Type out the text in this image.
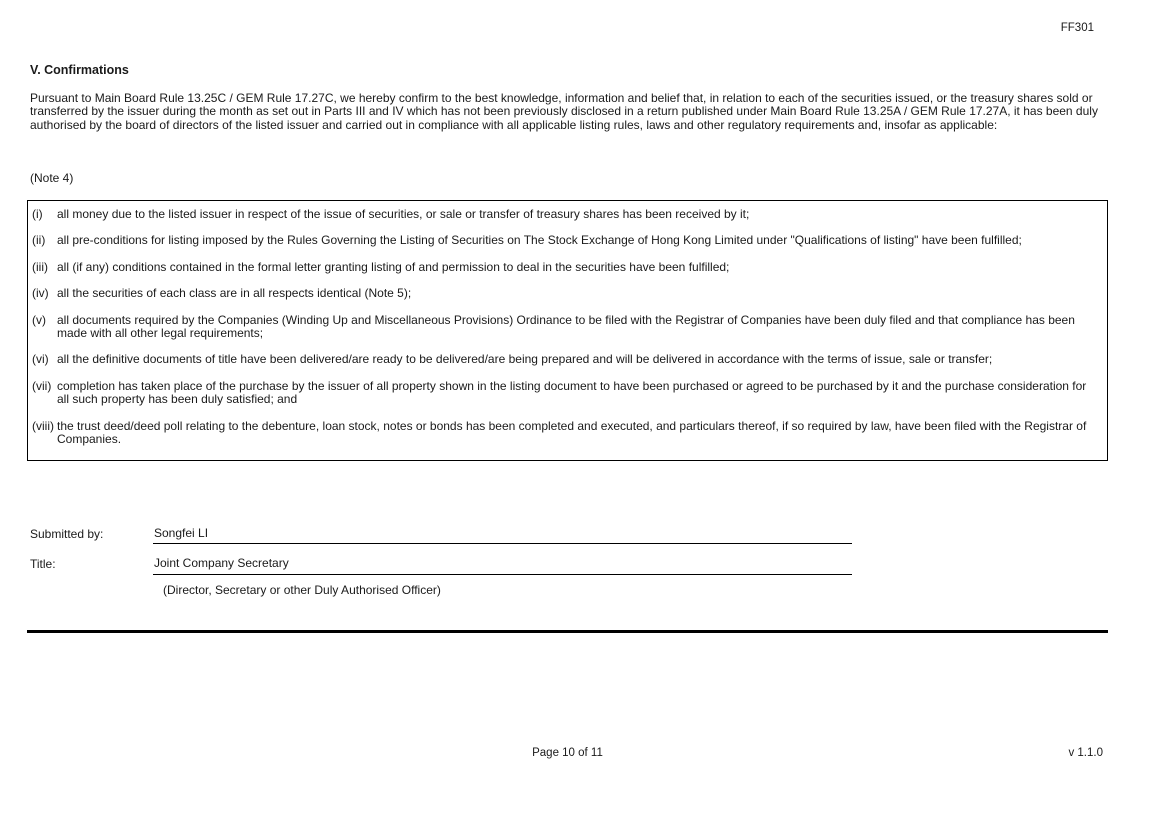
FF301
V. Confirmations
Pursuant to Main Board Rule 13.25C / GEM Rule 17.27C, we hereby confirm to the best knowledge, information and belief that, in relation to each of the securities issued, or the treasury shares sold or transferred by the issuer during the month as set out in Parts III and IV which has not been previously disclosed in a return published under Main Board Rule 13.25A / GEM Rule 17.27A, it has been duly authorised by the board of directors of the listed issuer and carried out in compliance with all applicable listing rules, laws and other regulatory requirements and, insofar as applicable:
(Note 4)
(i)	all money due to the listed issuer in respect of the issue of securities, or sale or transfer of treasury shares has been received by it;
(ii) all pre-conditions for listing imposed by the Rules Governing the Listing of Securities on The Stock Exchange of Hong Kong Limited under "Qualifications of listing" have been fulfilled;
(iii) all (if any) conditions contained in the formal letter granting listing of and permission to deal in the securities have been fulfilled;
(iv) all the securities of each class are in all respects identical (Note 5);
(v) all documents required by the Companies (Winding Up and Miscellaneous Provisions) Ordinance to be filed with the Registrar of Companies have been duly filed and that compliance has been made with all other legal requirements;
(vi) all the definitive documents of title have been delivered/are ready to be delivered/are being prepared and will be delivered in accordance with the terms of issue, sale or transfer;
(vii) completion has taken place of the purchase by the issuer of all property shown in the listing document to have been purchased or agreed to be purchased by it and the purchase consideration for all such property has been duly satisfied; and
(viii) the trust deed/deed poll relating to the debenture, loan stock, notes or bonds has been completed and executed, and particulars thereof, if so required by law, have been filed with the Registrar of Companies.
Submitted by:	Songfei LI
Title:	Joint Company Secretary
(Director, Secretary or other Duly Authorised Officer)
Page 10 of 11	v 1.1.0
